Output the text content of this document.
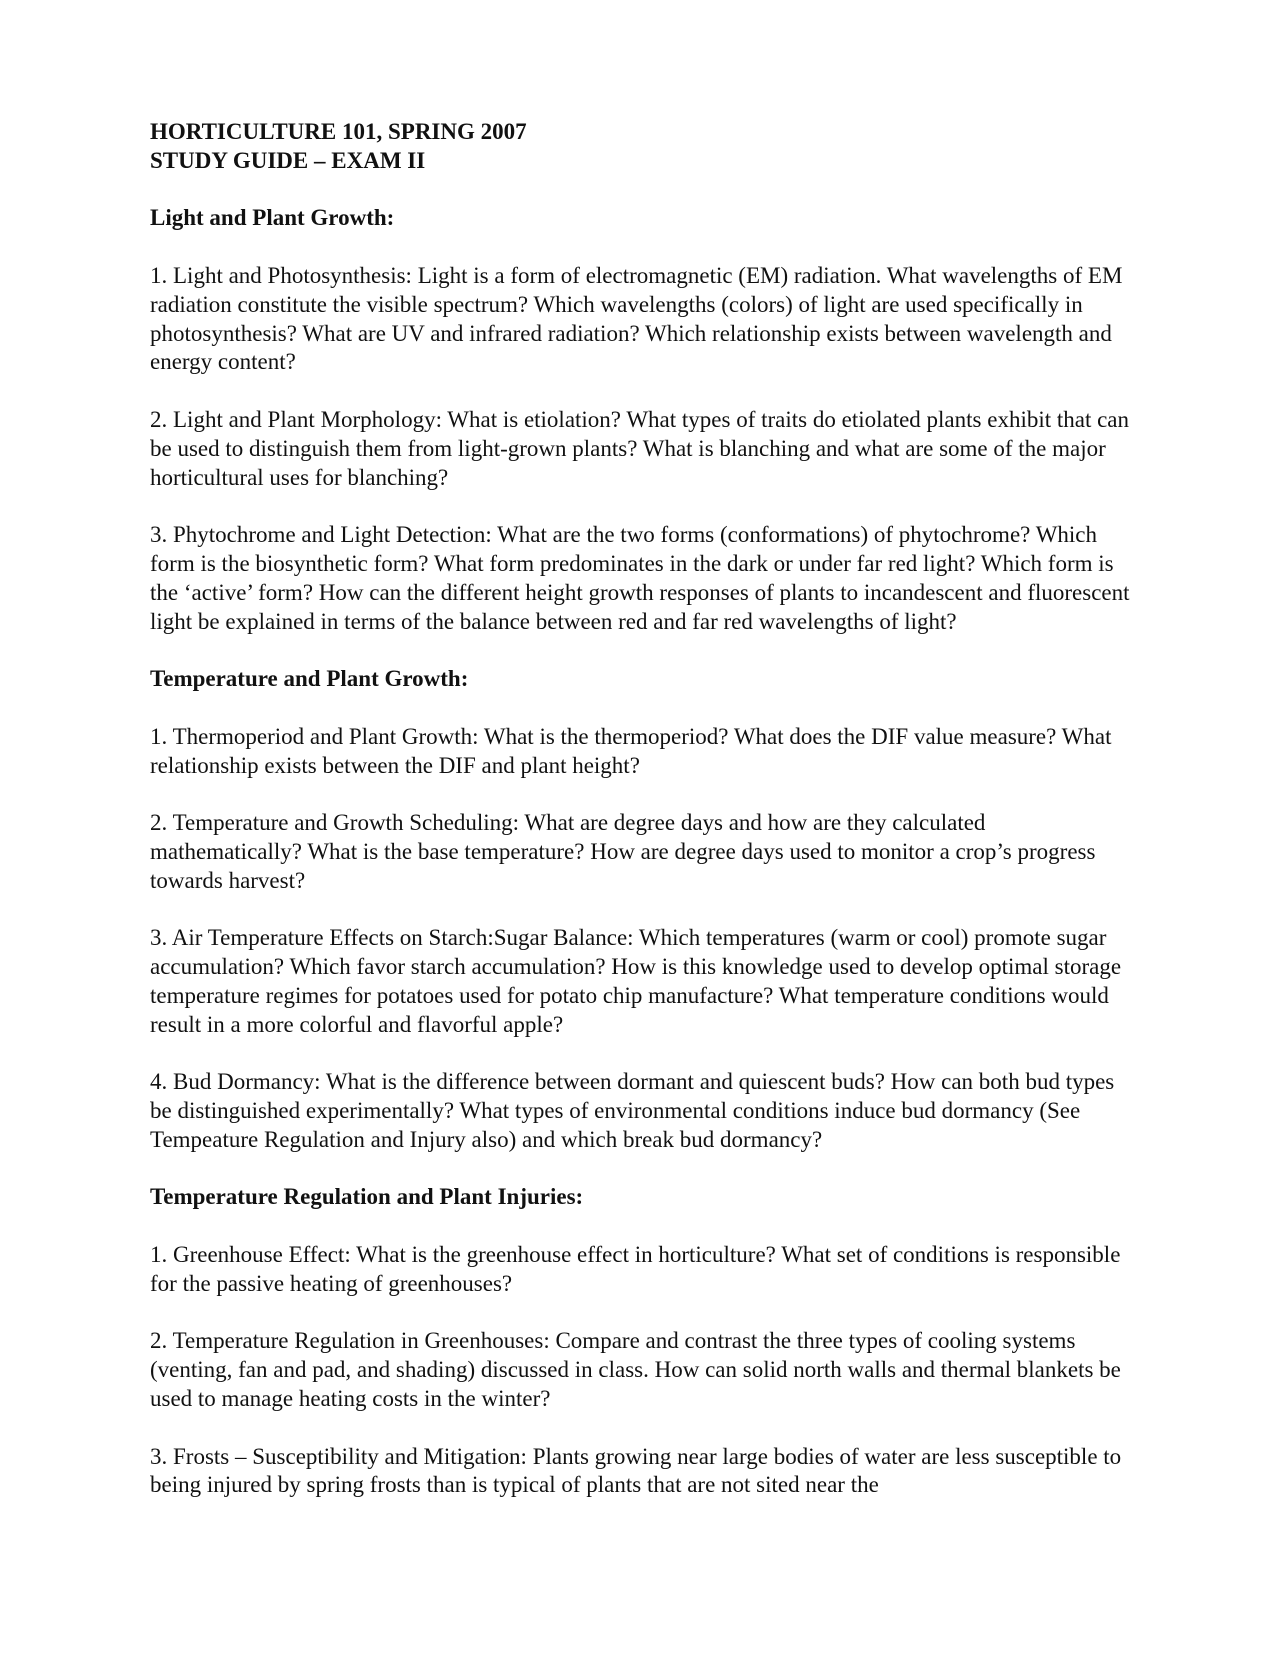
HORTICULTURE 101, SPRING 2007
STUDY GUIDE – EXAM II

Light and Plant Growth:

1. Light and Photosynthesis: Light is a form of electromagnetic (EM) radiation. What wavelengths of EM radiation constitute the visible spectrum? Which wavelengths (colors) of light are used specifically in photosynthesis? What are UV and infrared radiation? Which relationship exists between wavelength and energy content?

2. Light and Plant Morphology: What is etiolation? What types of traits do etiolated plants exhibit that can be used to distinguish them from light-grown plants? What is blanching and what are some of the major horticultural uses for blanching?

3. Phytochrome and Light Detection: What are the two forms (conformations) of phytochrome? Which form is the biosynthetic form? What form predominates in the dark or under far red light? Which form is the ‘active’ form? How can the different height growth responses of plants to incandescent and fluorescent light be explained in terms of the balance between red and far red wavelengths of light?

Temperature and Plant Growth:

1. Thermoperiod and Plant Growth: What is the thermoperiod? What does the DIF value measure? What relationship exists between the DIF and plant height?

2. Temperature and Growth Scheduling: What are degree days and how are they calculated mathematically? What is the base temperature? How are degree days used to monitor a crop’s progress towards harvest?

3. Air Temperature Effects on Starch:Sugar Balance: Which temperatures (warm or cool) promote sugar accumulation? Which favor starch accumulation? How is this knowledge used to develop optimal storage temperature regimes for potatoes used for potato chip manufacture? What temperature conditions would result in a more colorful and flavorful apple?

4. Bud Dormancy: What is the difference between dormant and quiescent buds? How can both bud types be distinguished experimentally? What types of environmental conditions induce bud dormancy (See Tempeature Regulation and Injury also) and which break bud dormancy?

Temperature Regulation and Plant Injuries:

1. Greenhouse Effect: What is the greenhouse effect in horticulture? What set of conditions is responsible for the passive heating of greenhouses?

2. Temperature Regulation in Greenhouses: Compare and contrast the three types of cooling systems (venting, fan and pad, and shading) discussed in class. How can solid north walls and thermal blankets be used to manage heating costs in the winter?

3. Frosts – Susceptibility and Mitigation: Plants growing near large bodies of water are less susceptible to being injured by spring frosts than is typical of plants that are not sited near the
